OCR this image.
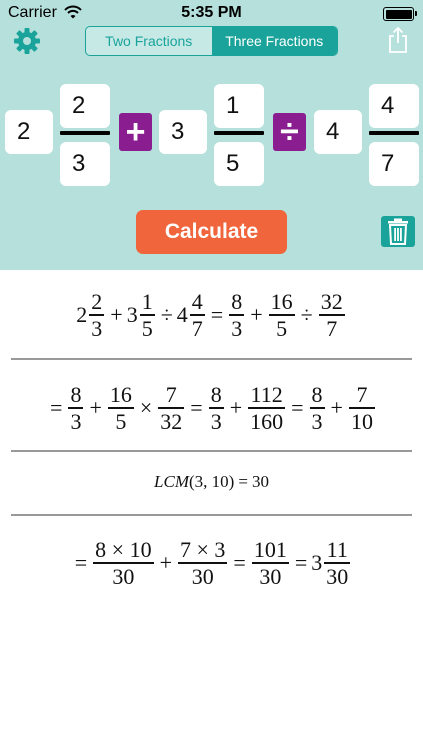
Carrier	5:35 PM
Two Fractions	Three Fractions
2
2
3
+	3
1
5
÷	4
4
7
Calculate
$2 \frac{2}{3} + 3 \frac{1}{5} \div 4 \frac{4}{7} = \frac{8}{3} + \frac{16}{5} \div \frac{32}{7}$
= $\frac{8}{3} + \frac{16}{5} \times \frac{7}{32} = \frac{8}{3} + \frac{112}{160} = \frac{8}{3} + \frac{7}{10}$
LCM (3, 10) = 30
= $\frac{8 \times 10}{30} + \frac{7 \times 3}{30} = \frac{101}{30} = 3 \frac{11}{30}$
